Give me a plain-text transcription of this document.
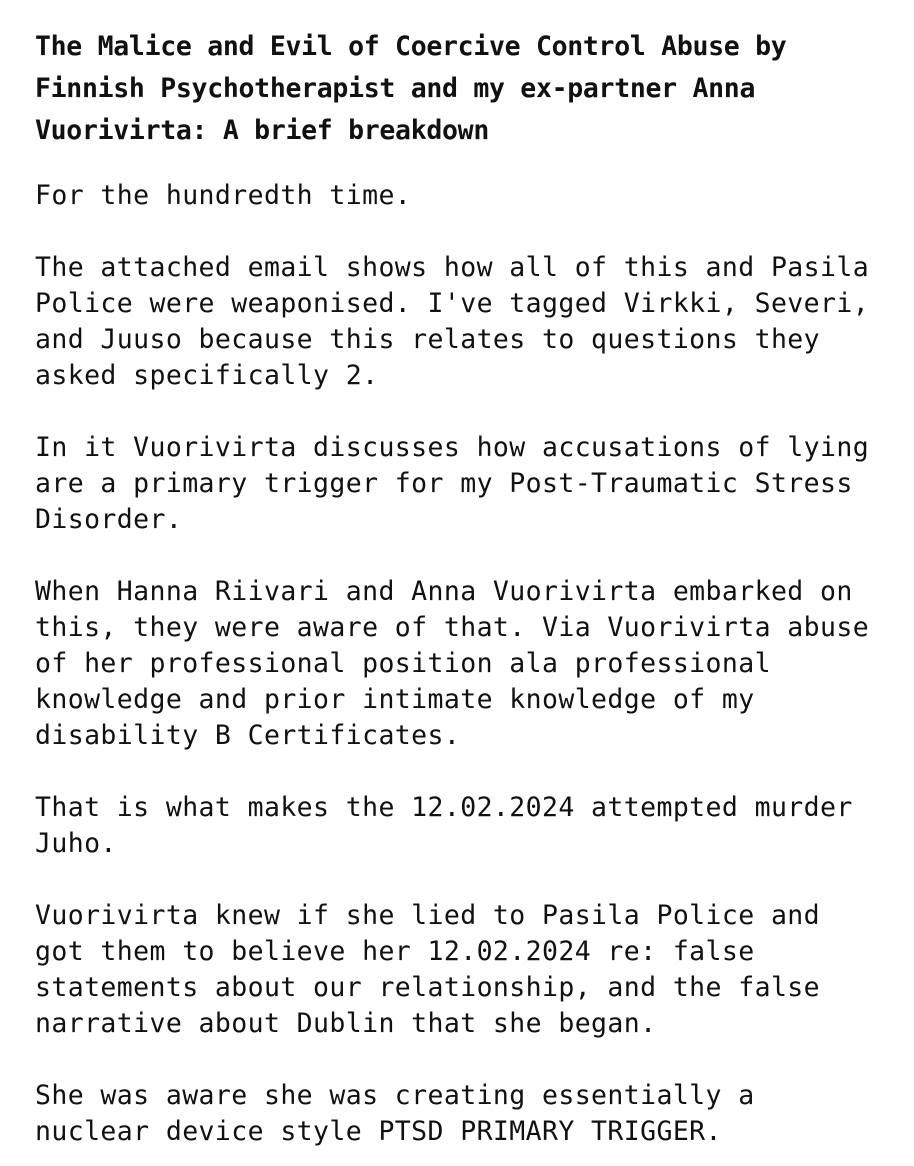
The Malice and Evil of Coercive Control Abuse by
Finnish Psychotherapist and my ex-partner Anna
Vuorivirta: A brief breakdown

For the hundredth time.

The attached email shows how all of this and Pasila
Police were weaponised. I've tagged Virkki, Severi,
and Juuso because this relates to questions they
asked specifically 2.

In it Vuorivirta discusses how accusations of lying
are a primary trigger for my Post-Traumatic Stress
Disorder.

When Hanna Riivari and Anna Vuorivirta embarked on
this, they were aware of that. Via Vuorivirta abuse
of her professional position ala professional
knowledge and prior intimate knowledge of my
disability B Certificates.

That is what makes the 12.02.2024 attempted murder
Juho.

Vuorivirta knew if she lied to Pasila Police and
got them to believe her 12.02.2024 re: false
statements about our relationship, and the false
narrative about Dublin that she began.

She was aware she was creating essentially a
nuclear device style PTSD PRIMARY TRIGGER.
